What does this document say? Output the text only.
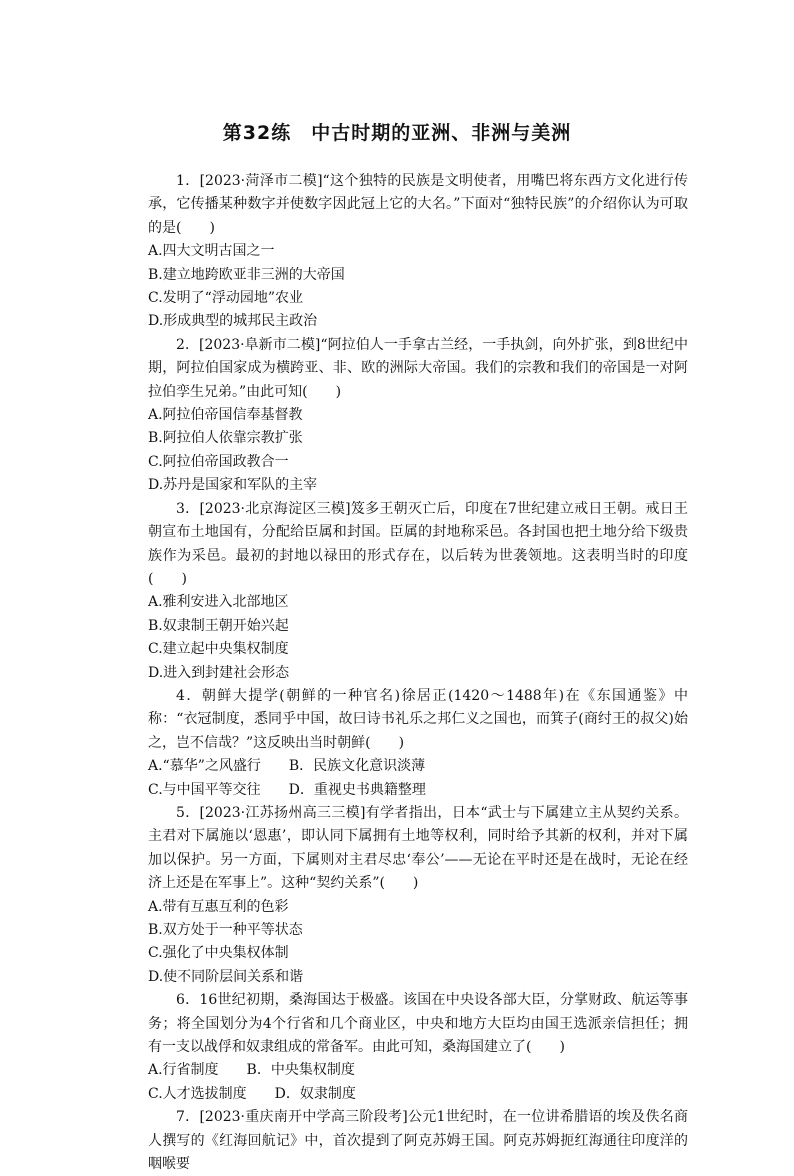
第32练　中古时期的亚洲、非洲与美洲

1．[2023·菏泽市二模]“这个独特的民族是文明使者，用嘴巴将东西方文化进行传承，它传播某种数字并使数字因此冠上它的大名。”下面对“独特民族”的介绍你认为可取的是(　　)

A.四大文明古国之一

B.建立地跨欧亚非三洲的大帝国

C.发明了“浮动园地”农业

D.形成典型的城邦民主政治

2．[2023·阜新市二模]“阿拉伯人一手拿古兰经，一手执剑，向外扩张，到8世纪中期，阿拉伯国家成为横跨亚、非、欧的洲际大帝国。我们的宗教和我们的帝国是一对阿拉伯孪生兄弟。”由此可知(　　)

A.阿拉伯帝国信奉基督教

B.阿拉伯人依靠宗教扩张

C.阿拉伯帝国政教合一

D.苏丹是国家和军队的主宰

3．[2023·北京海淀区三模]笈多王朝灭亡后，印度在7世纪建立戒日王朝。戒日王朝宣布土地国有，分配给臣属和封国。臣属的封地称采邑。各封国也把土地分给下级贵族作为采邑。最初的封地以禄田的形式存在，以后转为世袭领地。这表明当时的印度(　　)

A.雅利安进入北部地区

B.奴隶制王朝开始兴起

C.建立起中央集权制度

D.进入到封建社会形态

4．朝鲜大提学(朝鲜的一种官名)徐居正(1420～1488年)在《东国通鉴》中称：“衣冠制度，悉同乎中国，故曰诗书礼乐之邦仁义之国也，而箕子(商纣王的叔父)始之，岂不信哉？”这反映出当时朝鲜(　　)

A.“慕华”之风盛行　　B．民族文化意识淡薄

C.与中国平等交往　　D．重视史书典籍整理

5．[2023·江苏扬州高三三模]有学者指出，日本“武士与下属建立主从契约关系。主君对下属施以‘恩惠’，即认同下属拥有土地等权利，同时给予其新的权利，并对下属加以保护。另一方面，下属则对主君尽忠‘奉公’——无论在平时还是在战时，无论在经济上还是在军事上”。这种“契约关系”(　　)

A.带有互惠互利的色彩

B.双方处于一种平等状态

C.强化了中央集权体制

D.使不同阶层间关系和谐

6．16世纪初期，桑海国达于极盛。该国在中央设各部大臣，分掌财政、航运等事务；将全国划分为4个行省和几个商业区，中央和地方大臣均由国王选派亲信担任；拥有一支以战俘和奴隶组成的常备军。由此可知，桑海国建立了(　　)

A.行省制度　　B．中央集权制度

C.人才选拔制度　　D．奴隶制度

7．[2023·重庆南开中学高三阶段考]公元1世纪时，在一位讲希腊语的埃及佚名商人撰写的《红海回航记》中，首次提到了阿克苏姆王国。阿克苏姆扼红海通往印度洋的咽喉要
